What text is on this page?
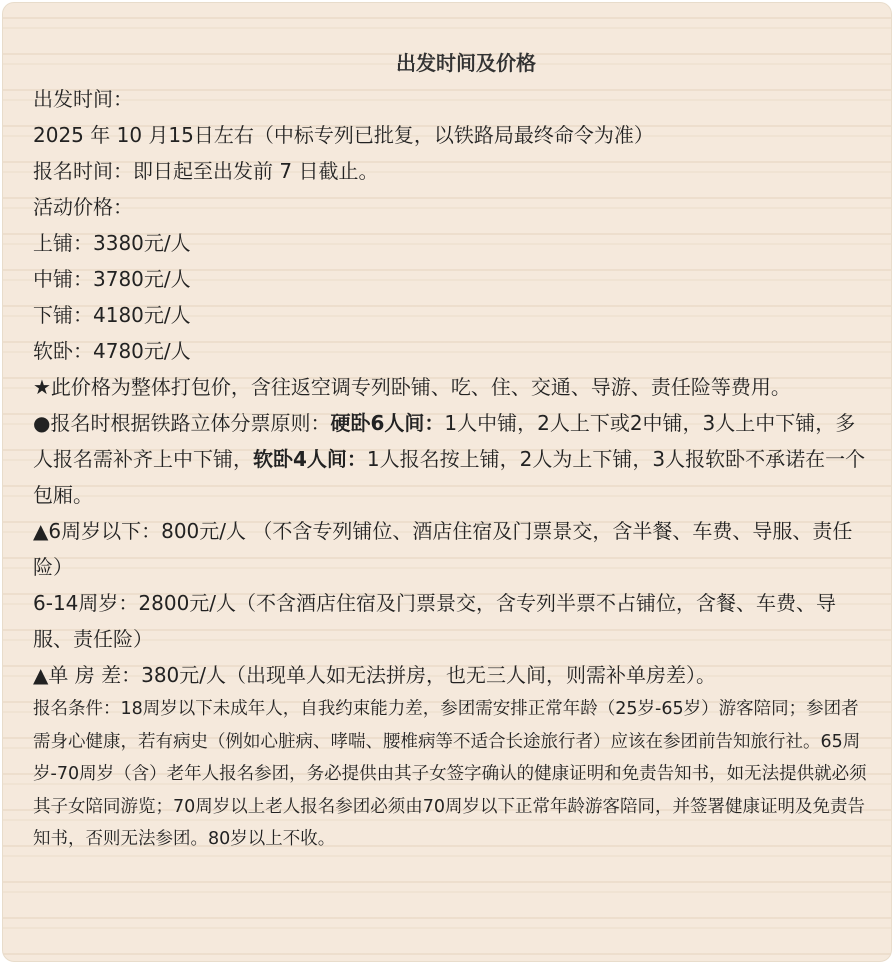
出发时间及价格

出发时间：

2025 年 10 月15日左右（中标专列已批复，以铁路局最终命令为准）

报名时间：即日起至出发前 7 日截止。

活动价格：

上铺：3380元/人

中铺：3780元/人

下铺：4180元/人

软卧：4780元/人

★此价格为整体打包价，含往返空调专列卧铺、吃、住、交通、导游、责任险等费用。

●报名时根据铁路立体分票原则：硬卧6人间：1人中铺，2人上下或2中铺，3人上中下铺，多人报名需补齐上中下铺，软卧4人间：1人报名按上铺，2人为上下铺，3人报软卧不承诺在一个包厢。

▲6周岁以下：800元/人 （不含专列铺位、酒店住宿及门票景交，含半餐、车费、导服、责任险）

6-14周岁：2800元/人（不含酒店住宿及门票景交，含专列半票不占铺位，含餐、车费、导服、责任险）

▲单 房 差：380元/人（出现单人如无法拼房，也无三人间，则需补单房差）。

报名条件：18周岁以下未成年人，自我约束能力差，参团需安排正常年龄（25岁-65岁）游客陪同；参团者需身心健康，若有病史（例如心脏病、哮喘、腰椎病等不适合长途旅行者）应该在参团前告知旅行社。65周岁-70周岁（含）老年人报名参团，务必提供由其子女签字确认的健康证明和免责告知书，如无法提供就必须其子女陪同游览；70周岁以上老人报名参团必须由70周岁以下正常年龄游客陪同，并签署健康证明及免责告知书，否则无法参团。80岁以上不收。
